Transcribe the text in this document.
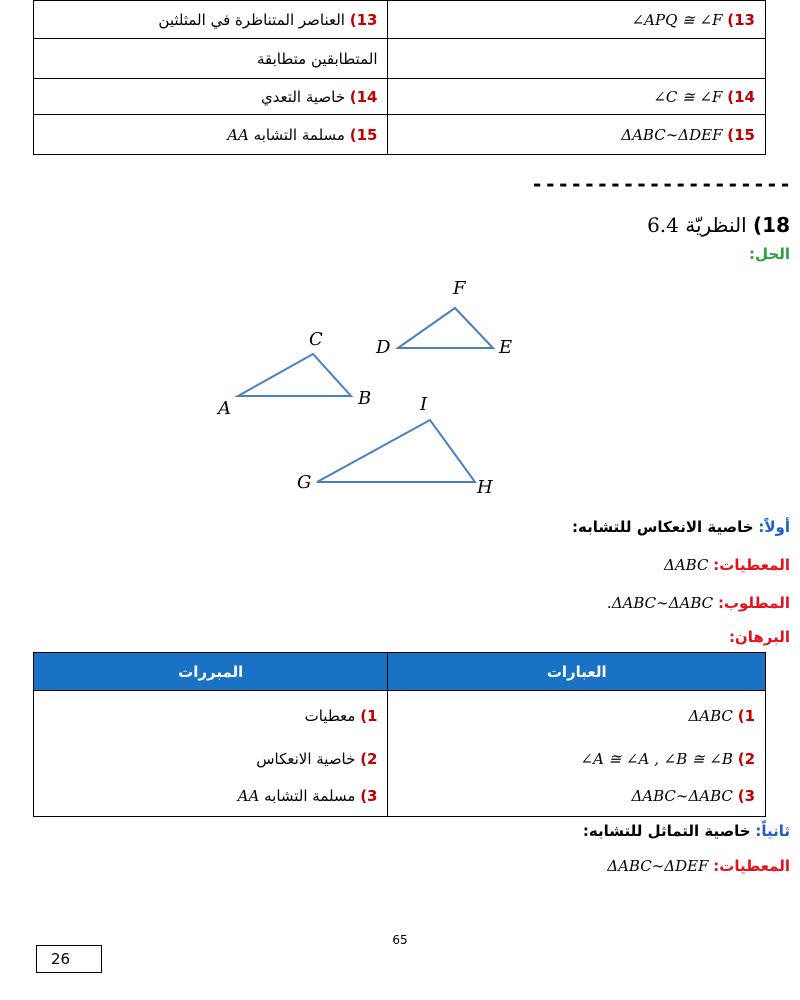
13) العناصر المتناظرة في المثلثين	∠APQ ≅ ∠F (13
المتطابقين متطابقة	
14) خاصية التعدي	∠C ≅ ∠F (14
15) مسلمة التشابه AA	ΔABC∼ΔDEF (15
--------------------
18) النظريّة 6.4
الحل:
A	B
C	D	E
F
G	H
I
أولاً: خاصية الانعكاس للتشابه:
المعطيات: ΔABC
المطلوب: .ΔABC∼ΔABC
البرهان:
المبررات	العبارات
1) معطيات	ΔABC (1
2) خاصية الانعكاس	∠A ≅ ∠A , ∠B ≅ ∠B (2
3) مسلمة التشابه AA	ΔABC∼ΔABC (3
ثانياً: خاصية التماثل للتشابه:
المعطيات: ΔABC∼ΔDEF
65
26
